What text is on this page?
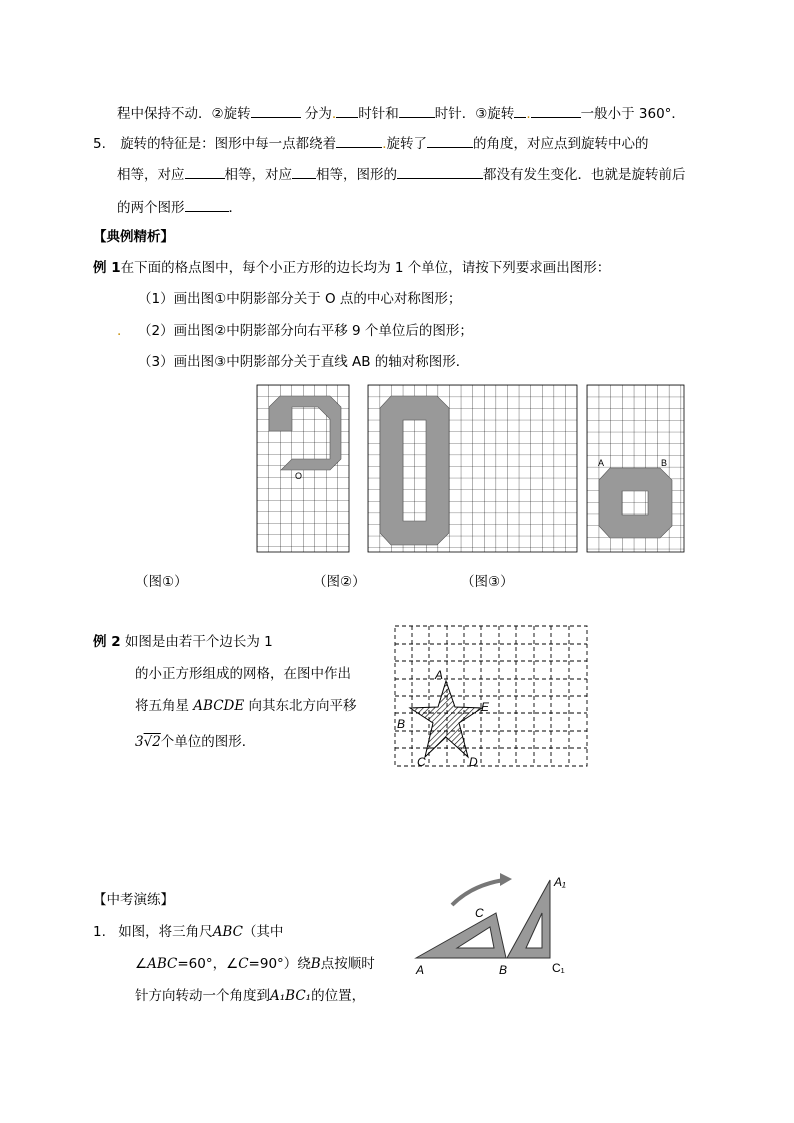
程中保持不动．②旋转	分为. 时针和	时针．③旋转 .	一般小于 360°．
5. 旋转的特征是：图形中每一点都绕着	.旋转了	的角度，对应点到旋转中心的
相等，对应	相等，对应 相等，图形的	都没有发生变化．也就是旋转前后
的两个图形	．
【典例精析】
例 1在下面的格点图中，每个小正方形的边长均为 1 个单位，请按下列要求画出图形：
（1）画出图①中阴影部分关于 O 点的中心对称图形；
. （2）画出图②中阴影部分向右平移 9 个单位后的图形；
（3）画出图③中阴影部分关于直线 AB 的轴对称图形．
O
A	B
（图①）	（图②）	（图③）
例 2 如图是由若干个边长为 1
的小正方形组成的网格，在图中作出
将五角星 ABCDE 向其东北方向平移
3√2个单位的图形．
A
B
C	D
E
【中考演练】
1. 如图，将三角尺ABC（其中
∠ABC=60°，∠C=90°）绕B点按顺时
针方向转动一个角度到A₁BC₁的位置，
A	B
C
A₁
C₁
